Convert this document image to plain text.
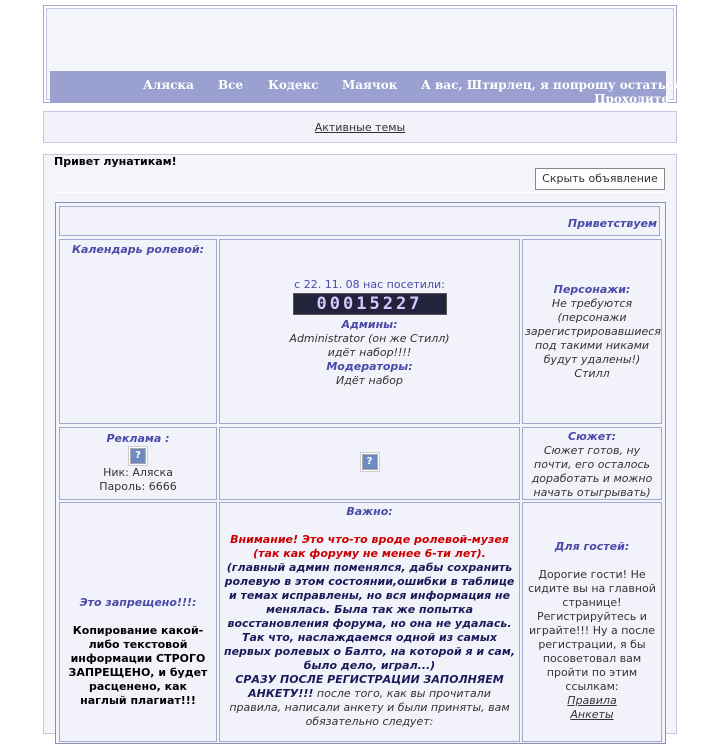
Аляска Все Кодекс Маячок А вас, Штирлец, я попрошу остаться
Проходите
Активные темы
Привет лунатикам!
Скрыть объявление
Приветствуем
Календарь ролевой:
с 22. 11. 08 нас посетили:
00015227
Админы:
Administrator (он же Стилл)
идёт набор!!!!
Модераторы:
Идёт набор
Персонажи:
Не требуются (персонажи зарегистрировавшиеся под такими никами будут удалены!)
Стилл
Реклама :
?
Ник: Аляска
Пароль: 6666
?
Сюжет:
Сюжет готов, ну почти, его осталось доработать и можно начать отыгрывать)
Это запрещено!!!:
Копирование какой-либо текстовой информации СТРОГО ЗАПРЕЩЕНО, и будет расценено, как наглый плагиат!!!
Важно:
Внимание! Это что-то вроде ролевой-музея (так как форуму не менее 6-ти лет).
(главный админ поменялся, дабы сохранить ролевую в этом состоянии,ошибки в таблице и темах исправлены, но вся информация не менялась. Была так же попытка восстановления форума, но она не удалась. Так что, наслаждаемся одной из самых первых ролевых о Балто, на которой я и сам, было дело, играл...)
СРАЗУ ПОСЛЕ РЕГИСТРАЦИИ ЗАПОЛНЯЕМ АНКЕТУ!!! после того, как вы прочитали правила, написали анкету и были приняты, вам обязательно следует:
Для гостей:
Дорогие гости! Не сидите вы на главной странице! Регистрируйтесь и играйте!!! Ну а после регистрации, я бы посоветовал вам пройти по этим ссылкам:
Правила
Анкеты
